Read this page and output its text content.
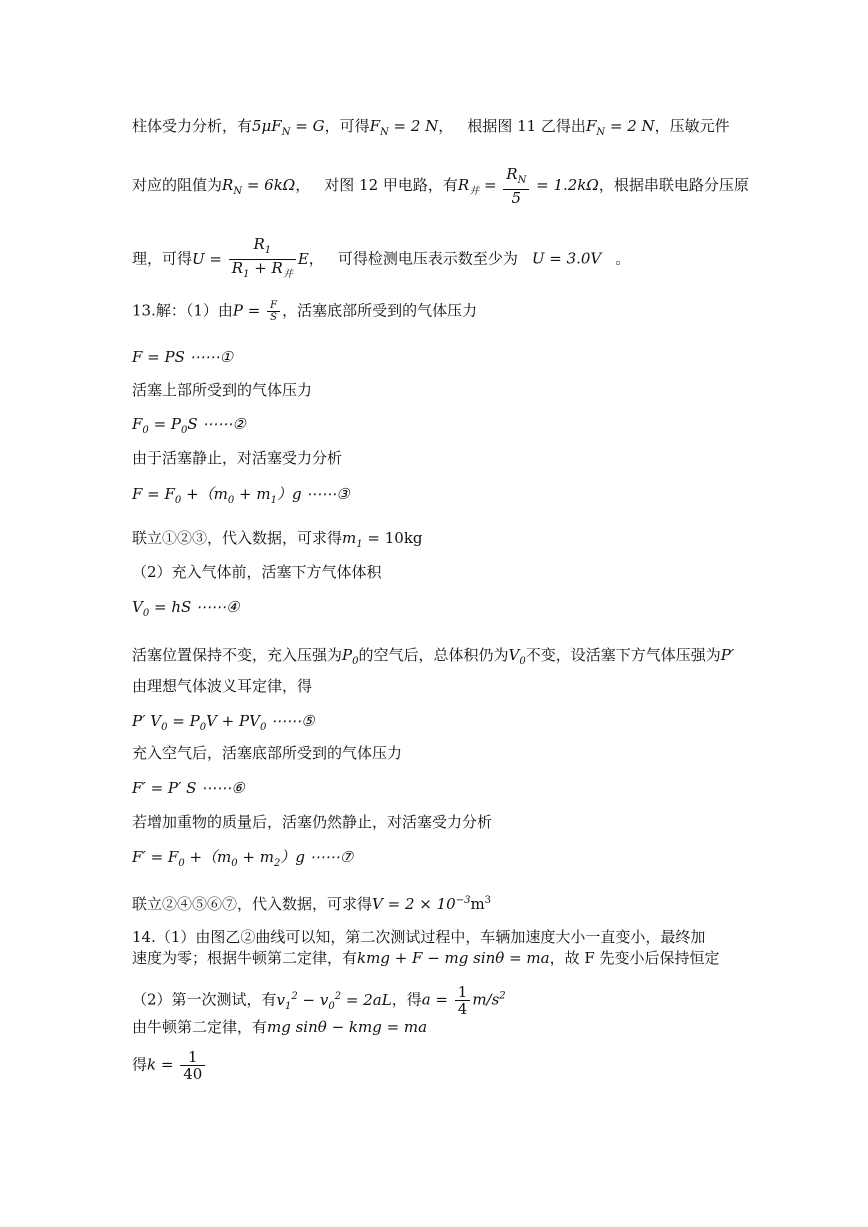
柱体受力分析，有$5\mu F_N = G$，可得$F_N = 2$ N， 根据图 11 乙得出$F_N = 2$ N，压敏元件
对应的阻值为$R_N = 6k\Omega$， 对图 12 甲电路，有$R_并 = \frac{R_N}{5} = 1.2k\Omega$，根据串联电路分压原
理，可得$U = \frac{R_1}{R_1 + R_并}$ E， 可得检测电压表示数至少为 U = 3.0V 。
13.解：（1）由$P = \frac{F}{S}$ ，活塞底部所受到的气体压力
F = PS ⋯⋯①
活塞上部所受到的气体压力
$F_0 = P_0S$ ⋯⋯②
由于活塞静止，对活塞受力分析
$F = F_0 +(m_0 + m_1)g$ ⋯⋯③
联立①②③，代入数据，可求得$m_1 = 10kg$
（2）充入气体前，活塞下方气体体积
$V_0$ = hS ⋯⋯④
活塞位置保持不变，充入压强为$P_0$的空气后，总体积仍为$V_0$不变，设活塞下方气体压强为P′
由理想气体波义耳定律，得
P′ $V_0 = P_0V + PV_0$ ⋯⋯⑤
充入空气后，活塞底部所受到的气体压力
F′ = P′ S ⋯⋯⑥
若增加重物的质量后，活塞仍然静止，对活塞受力分析
$F' = F_0 +(m_0 + m_2)g$ ⋯⋯⑦
联立②④⑤⑥⑦，代入数据，可求得$V = 2 \times 10^{-3}m^3$
14.（1）由图乙②曲线可以知，第二次测试过程中，车辆加速度大小一直变小，最终加
速度为零；根据牛顿第二定律，有kmg + F − mg sinθ = ma，故 F 先变小后保持恒定
（2）第一次测试，有$v_1^2 - v_0^2 = 2aL$，得$a = \frac{1}{4} m/s^2$
由牛顿第二定律，有mg sinθ − kmg = ma
得$k = \frac{1}{40}$
